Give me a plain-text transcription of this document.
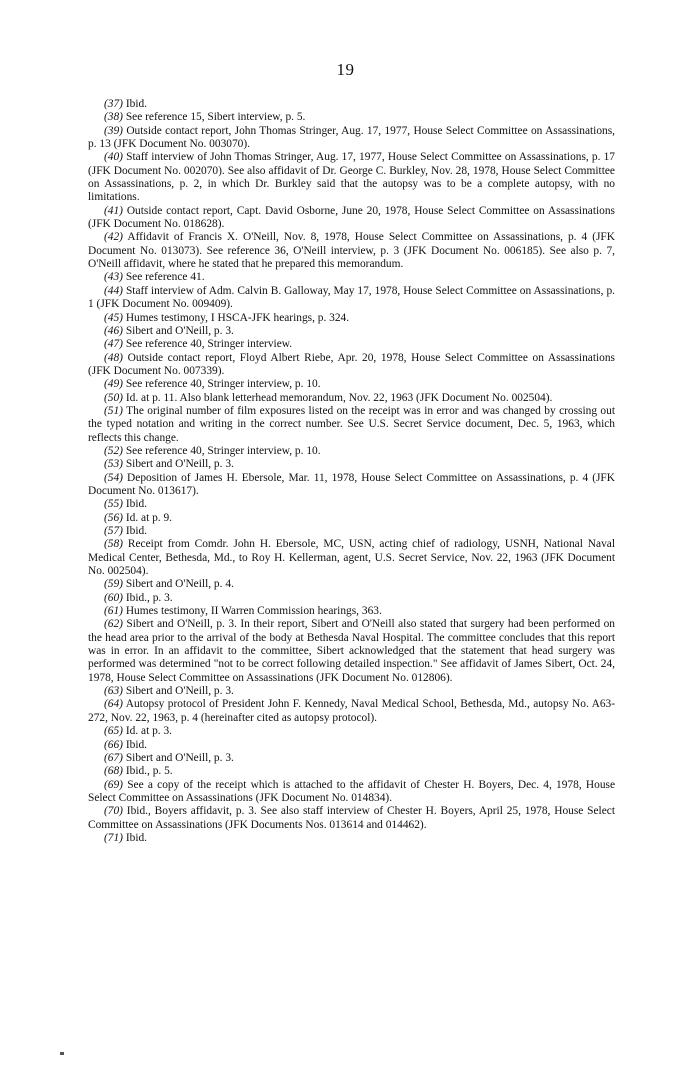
19

(37) Ibid.

(38) See reference 15, Sibert interview, p. 5.

(39) Outside contact report, John Thomas Stringer, Aug. 17, 1977, House Select Committee on Assassinations, p. 13 (JFK Document No. 003070).

(40) Staff interview of John Thomas Stringer, Aug. 17, 1977, House Select Committee on Assassinations, p. 17 (JFK Document No. 002070). See also affidavit of Dr. George C. Burkley, Nov. 28, 1978, House Select Committee on Assassinations, p. 2, in which Dr. Burkley said that the autopsy was to be a complete autopsy, with no limitations.

(41) Outside contact report, Capt. David Osborne, June 20, 1978, House Select Committee on Assassinations (JFK Document No. 018628).

(42) Affidavit of Francis X. O'Neill, Nov. 8, 1978, House Select Committee on Assassinations, p. 4 (JFK Document No. 013073). See reference 36, O'Neill interview, p. 3 (JFK Document No. 006185). See also p. 7, O'Neill affidavit, where he stated that he prepared this memorandum.

(43) See reference 41.

(44) Staff interview of Adm. Calvin B. Galloway, May 17, 1978, House Select Committee on Assassinations, p. 1 (JFK Document No. 009409).

(45) Humes testimony, I HSCA-JFK hearings, p. 324.

(46) Sibert and O'Neill, p. 3.

(47) See reference 40, Stringer interview.

(48) Outside contact report, Floyd Albert Riebe, Apr. 20, 1978, House Select Committee on Assassinations (JFK Document No. 007339).

(49) See reference 40, Stringer interview, p. 10.

(50) Id. at p. 11. Also blank letterhead memorandum, Nov. 22, 1963 (JFK Document No. 002504).

(51) The original number of film exposures listed on the receipt was in error and was changed by crossing out the typed notation and writing in the correct number. See U.S. Secret Service document, Dec. 5, 1963, which reflects this change.

(52) See reference 40, Stringer interview, p. 10.

(53) Sibert and O'Neill, p. 3.

(54) Deposition of James H. Ebersole, Mar. 11, 1978, House Select Committee on Assassinations, p. 4 (JFK Document No. 013617).

(55) Ibid.

(56) Id. at p. 9.

(57) Ibid.

(58) Receipt from Comdr. John H. Ebersole, MC, USN, acting chief of radiology, USNH, National Naval Medical Center, Bethesda, Md., to Roy H. Kellerman, agent, U.S. Secret Service, Nov. 22, 1963 (JFK Document No. 002504).

(59) Sibert and O'Neill, p. 4.

(60) Ibid., p. 3.

(61) Humes testimony, II Warren Commission hearings, 363.

(62) Sibert and O'Neill, p. 3. In their report, Sibert and O'Neill also stated that surgery had been performed on the head area prior to the arrival of the body at Bethesda Naval Hospital. The committee concludes that this report was in error. In an affidavit to the committee, Sibert acknowledged that the statement that head surgery was performed was determined "not to be correct following detailed inspection." See affidavit of James Sibert, Oct. 24, 1978, House Select Committee on Assassinations (JFK Document No. 012806).

(63) Sibert and O'Neill, p. 3.

(64) Autopsy protocol of President John F. Kennedy, Naval Medical School, Bethesda, Md., autopsy No. A63-272, Nov. 22, 1963, p. 4 (hereinafter cited as autopsy protocol).

(65) Id. at p. 3.

(66) Ibid.

(67) Sibert and O'Neill, p. 3.

(68) Ibid., p. 5.

(69) See a copy of the receipt which is attached to the affidavit of Chester H. Boyers, Dec. 4, 1978, House Select Committee on Assassinations (JFK Document No. 014834).

(70) Ibid., Boyers affidavit, p. 3. See also staff interview of Chester H. Boyers, April 25, 1978, House Select Committee on Assassinations (JFK Documents Nos. 013614 and 014462).

(71) Ibid.
